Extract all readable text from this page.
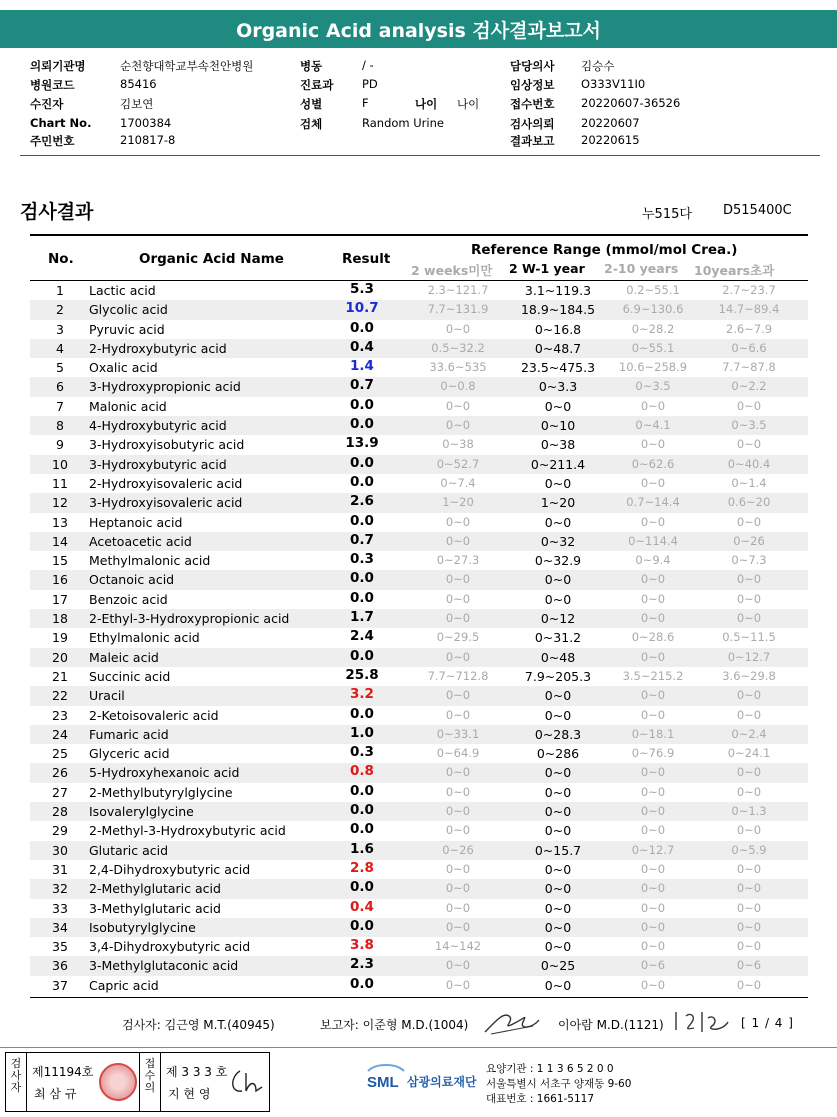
Organic Acid analysis 검사결과보고서
의뢰기관명	순천향대학교부속천안병원
병원코드	85416
수진자	김보연
Chart No. 1700384
주민번호	210817-8
병동	/ -
진료과 PD
성별	F	나이 나이
검체	Random Urine
담당의사 김승수
임상정보 O333V11I0
접수번호 20220607-36526
검사의뢰 20220607
결과보고 20220615
검사결과	누515다 D515400C
No.	Organic Acid Name	Result
Reference Range (mmol/mol Crea.)
2 weeks미만 2 W-1 year 2-10 years 10years초과
1	Lactic acid	5.3	2.3~121.7	3.1~119.3	0.2~55.1	2.7~23.7
2	Glycolic acid	10.7	7.7~131.9	18.9~184.5	6.9~130.6	14.7~89.4
3	Pyruvic acid	0.0	0~0	0~16.8	0~28.2	2.6~7.9
4	2-Hydroxybutyric acid	0.4	0.5~32.2	0~48.7	0~55.1	0~6.6
5	Oxalic acid	1.4	33.6~535	23.5~475.3	10.6~258.9	7.7~87.8
6	3-Hydroxypropionic acid	0.7	0~0.8	0~3.3	0~3.5	0~2.2
7	Malonic acid	0.0	0~0	0~0	0~0	0~0
8	4-Hydroxybutyric acid	0.0	0~0	0~10	0~4.1	0~3.5
9	3-Hydroxyisobutyric acid	13.9	0~38	0~38	0~0	0~0
10	3-Hydroxybutyric acid	0.0	0~52.7	0~211.4	0~62.6	0~40.4
11	2-Hydroxyisovaleric acid	0.0	0~7.4	0~0	0~0	0~1.4
12	3-Hydroxyisovaleric acid	2.6	1~20	1~20	0.7~14.4	0.6~20
13	Heptanoic acid	0.0	0~0	0~0	0~0	0~0
14	Acetoacetic acid	0.7	0~0	0~32	0~114.4	0~26
15	Methylmalonic acid	0.3	0~27.3	0~32.9	0~9.4	0~7.3
16	Octanoic acid	0.0	0~0	0~0	0~0	0~0
17	Benzoic acid	0.0	0~0	0~0	0~0	0~0
18	2-Ethyl-3-Hydroxypropionic acid	1.7	0~0	0~12	0~0	0~0
19	Ethylmalonic acid	2.4	0~29.5	0~31.2	0~28.6	0.5~11.5
20	Maleic acid	0.0	0~0	0~48	0~0	0~12.7
21	Succinic acid	25.8	7.7~712.8	7.9~205.3	3.5~215.2	3.6~29.8
22	Uracil	3.2	0~0	0~0	0~0	0~0
23	2-Ketoisovaleric acid	0.0	0~0	0~0	0~0	0~0
24	Fumaric acid	1.0	0~33.1	0~28.3	0~18.1	0~2.4
25	Glyceric acid	0.3	0~64.9	0~286	0~76.9	0~24.1
26	5-Hydroxyhexanoic acid	0.8	0~0	0~0	0~0	0~0
27	2-Methylbutyrylglycine	0.0	0~0	0~0	0~0	0~0
28	Isovalerylglycine	0.0	0~0	0~0	0~0	0~1.3
29	2-Methyl-3-Hydroxybutyric acid	0.0	0~0	0~0	0~0	0~0
30	Glutaric acid	1.6	0~26	0~15.7	0~12.7	0~5.9
31	2,4-Dihydroxybutyric acid	2.8	0~0	0~0	0~0	0~0
32	2-Methylglutaric acid	0.0	0~0	0~0	0~0	0~0
33	3-Methylglutaric acid	0.4	0~0	0~0	0~0	0~0
34	Isobutyrylglycine	0.0	0~0	0~0	0~0	0~0
35	3,4-Dihydroxybutyric acid	3.8	14~142	0~0	0~0	0~0
36	3-Methylglutaconic acid	2.3	0~0	0~25	0~6	0~6
37	Capric acid	0.0	0~0	0~0	0~0	0~0
검사자: 김근영 M.T.(40945)	보고자: 이준형 M.D.(1004)	이아람 M.D.(1121)	[ 1 / 4 ]
검사자
제11194호
최 삼 규
접수의
제 3 3 3 호
지 현 영
SML 삼광의료재단
요양기관 : 1 1 3 6 5 2 0 0
서울특별시 서초구 양재동 9-60
대표번호 : 1661-5117
